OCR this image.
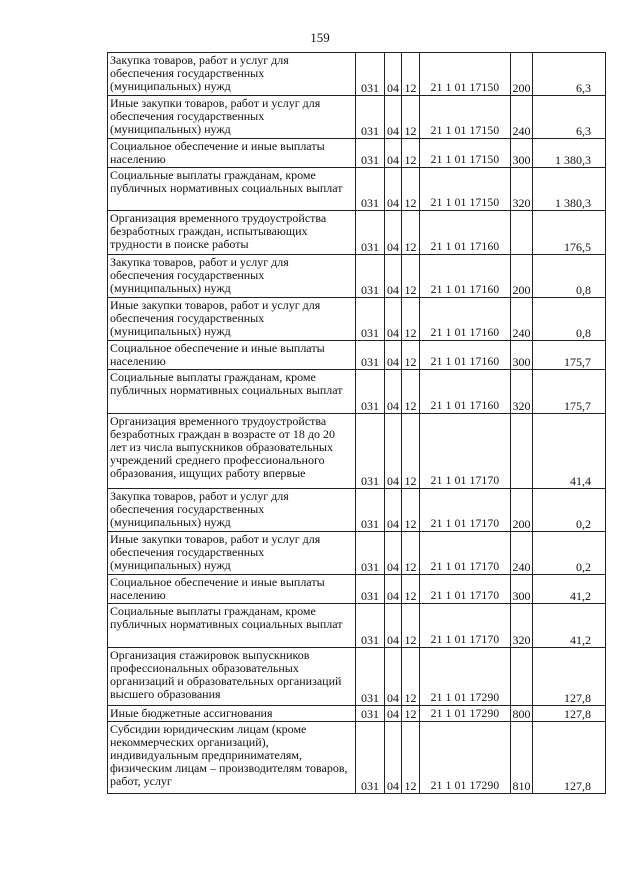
159
Закупка товаров, работ и услуг для обеспечения государственных (муниципальных) нужд	031	04	12	21 1 01 17150	200	6,3
Иные закупки товаров, работ и услуг для обеспечения государственных (муниципальных) нужд	031	04	12	21 1 01 17150	240	6,3
Социальное обеспечение и иные выплаты населению	031	04	12	21 1 01 17150	300	1 380,3
Социальные выплаты гражданам, кроме публичных нормативных социальных выплат	031	04	12	21 1 01 17150	320	1 380,3
Организация временного трудоустройства безработных граждан, испытывающих трудности в поиске работы	031	04	12	21 1 01 17160		176,5
Закупка товаров, работ и услуг для обеспечения государственных (муниципальных) нужд	031	04	12	21 1 01 17160	200	0,8
Иные закупки товаров, работ и услуг для обеспечения государственных (муниципальных) нужд	031	04	12	21 1 01 17160	240	0,8
Социальное обеспечение и иные выплаты населению	031	04	12	21 1 01 17160	300	175,7
Социальные выплаты гражданам, кроме публичных нормативных социальных выплат	031	04	12	21 1 01 17160	320	175,7
Организация временного трудоустройства безработных граждан в возрасте от 18 до 20 лет из числа выпускников образовательных учреждений среднего профессионального образования, ищущих работу впервые	031	04	12	21 1 01 17170		41,4
Закупка товаров, работ и услуг для обеспечения государственных (муниципальных) нужд	031	04	12	21 1 01 17170	200	0,2
Иные закупки товаров, работ и услуг для обеспечения государственных (муниципальных) нужд	031	04	12	21 1 01 17170	240	0,2
Социальное обеспечение и иные выплаты населению	031	04	12	21 1 01 17170	300	41,2
Социальные выплаты гражданам, кроме публичных нормативных социальных выплат	031	04	12	21 1 01 17170	320	41,2
Организация стажировок выпускников профессиональных образовательных организаций и образовательных организаций высшего образования	031	04	12	21 1 01 17290		127,8
Иные бюджетные ассигнования	031	04	12	21 1 01 17290	800	127,8
Субсидии юридическим лицам (кроме некоммерческих организаций), индивидуальным предпринимателям, физическим лицам – производителям товаров, работ, услуг	031	04	12	21 1 01 17290	810	127,8
